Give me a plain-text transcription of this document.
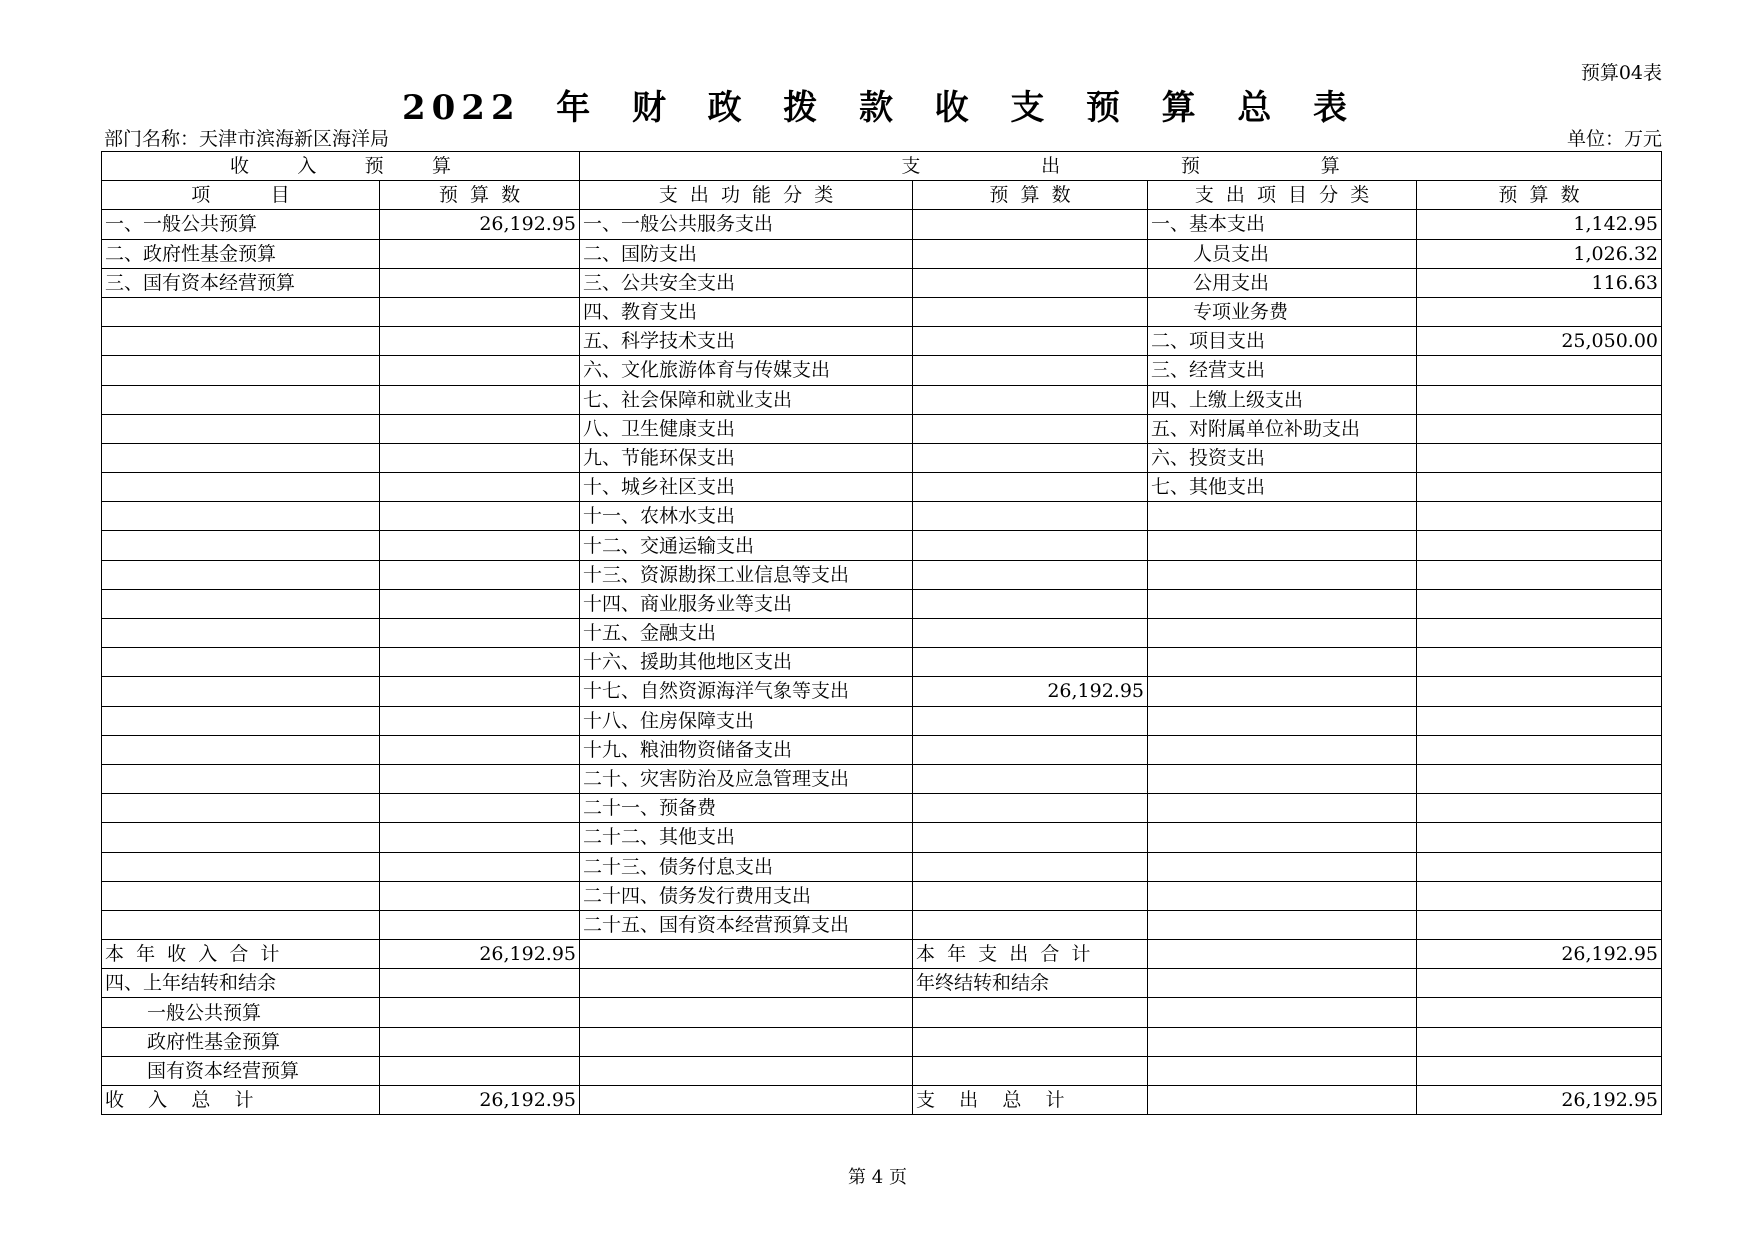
预算04表
2022  年  财  政  拨  款  收  支  预  算  总  表
部门名称：天津市滨海新区海洋局	单位：万元
收        入        预        算		支                    出                    预                    算			
项          目	预  算  数	支  出  功  能  分  类	预  算  数	支  出  项  目  分  类	预  算  数
一、一般公共预算	26,192.95	一、一般公共服务支出		一、基本支出	1,142.95
二、政府性基金预算		二、国防支出		人员支出	1,026.32
三、国有资本经营预算		三、公共安全支出		公用支出	116.63
		四、教育支出		专项业务费	
		五、科学技术支出		二、项目支出	25,050.00
		六、文化旅游体育与传媒支出		三、经营支出	
		七、社会保障和就业支出		四、上缴上级支出	
		八、卫生健康支出		五、对附属单位补助支出	
		九、节能环保支出		六、投资支出	
		十、城乡社区支出		七、其他支出	
		十一、农林水支出			
		十二、交通运输支出			
		十三、资源勘探工业信息等支出			
		十四、商业服务业等支出			
		十五、金融支出			
		十六、援助其他地区支出			
		十七、自然资源海洋气象等支出	26,192.95		
		十八、住房保障支出			
		十九、粮油物资储备支出			
		二十、灾害防治及应急管理支出			
		二十一、预备费			
		二十二、其他支出			
		二十三、债务付息支出			
		二十四、债务发行费用支出			
		二十五、国有资本经营预算支出			
本  年  收  入  合  计	26,192.95		本  年  支  出  合  计		26,192.95
四、上年结转和结余			年终结转和结余		
一般公共预算					
政府性基金预算					
国有资本经营预算					
收    入    总    计	26,192.95		支    出    总    计		26,192.95
第 4 页
